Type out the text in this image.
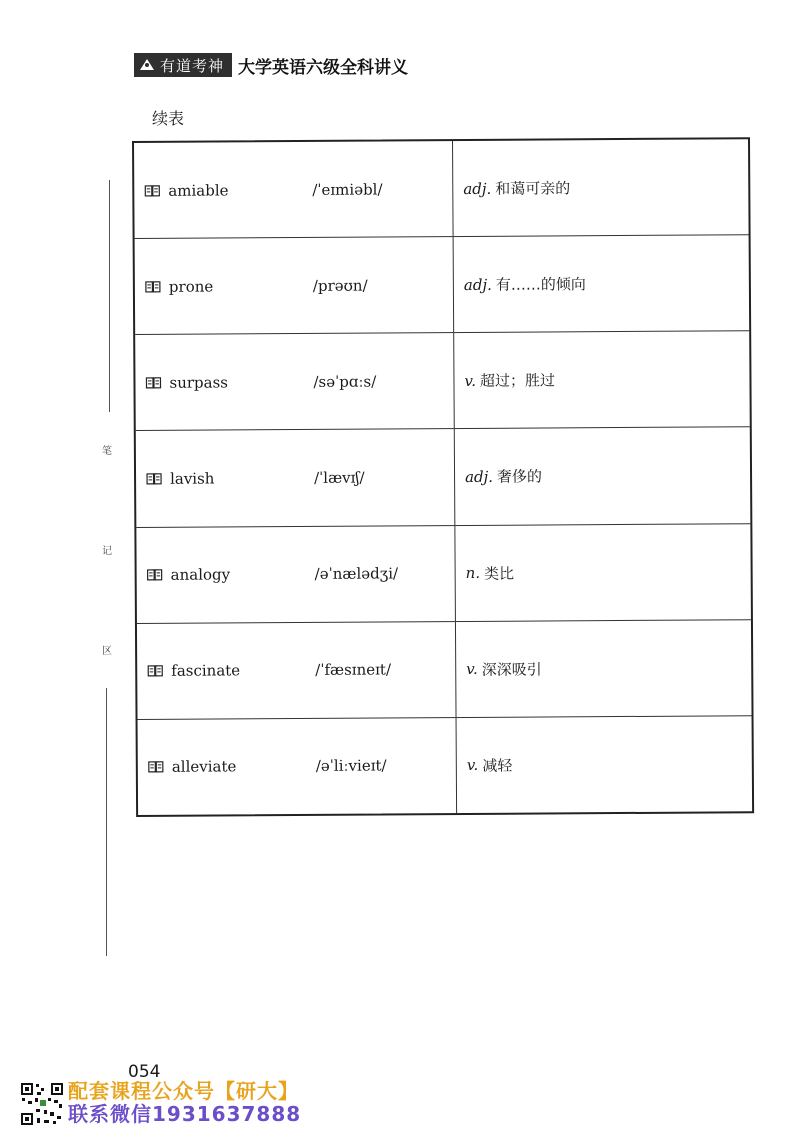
有道考神 大学英语六级全科讲义
续表
笔
记
区
amiable	/ˈeɪmiəbl/	adj. 和蔼可亲的
prone	/prəʊn/	adj. 有……的倾向
surpass	/səˈpɑːs/	v. 超过；胜过
lavish	/ˈlævɪʃ/	adj. 奢侈的
analogy	/əˈnælədʒi/	n. 类比
fascinate	/ˈfæsɪneɪt/	v. 深深吸引
alleviate	/əˈliːvieɪt/	v. 减轻
054
配套课程公众号【研大】
联系微信1931637888
